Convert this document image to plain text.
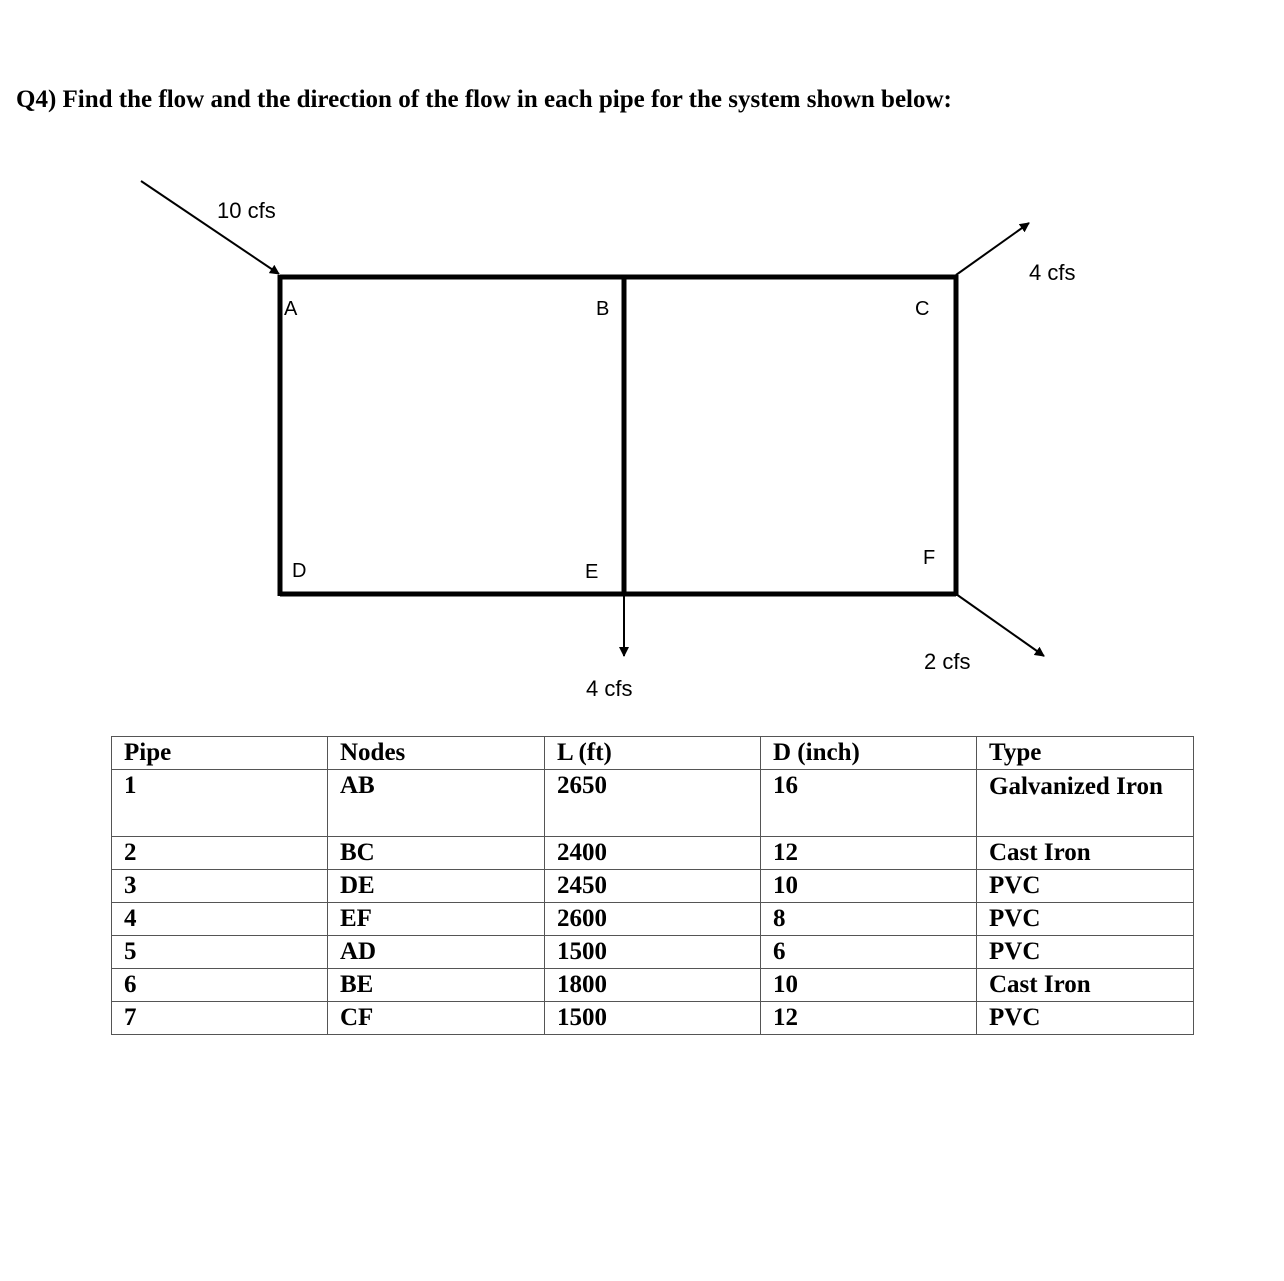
Q4) Find the flow and the direction of the flow in each pipe for the system shown below:

10 cfs
4 cfs
4 cfs
2 cfs
A	B	C
D	E
F
Pipe	Nodes	L (ft)	D (inch)	Type
1	AB	2650	16	Galvanized Iron
2	BC	2400	12	Cast Iron
3	DE	2450	10	PVC
4	EF	2600	8	PVC
5	AD	1500	6	PVC
6	BE	1800	10	Cast Iron
7	CF	1500	12	PVC
